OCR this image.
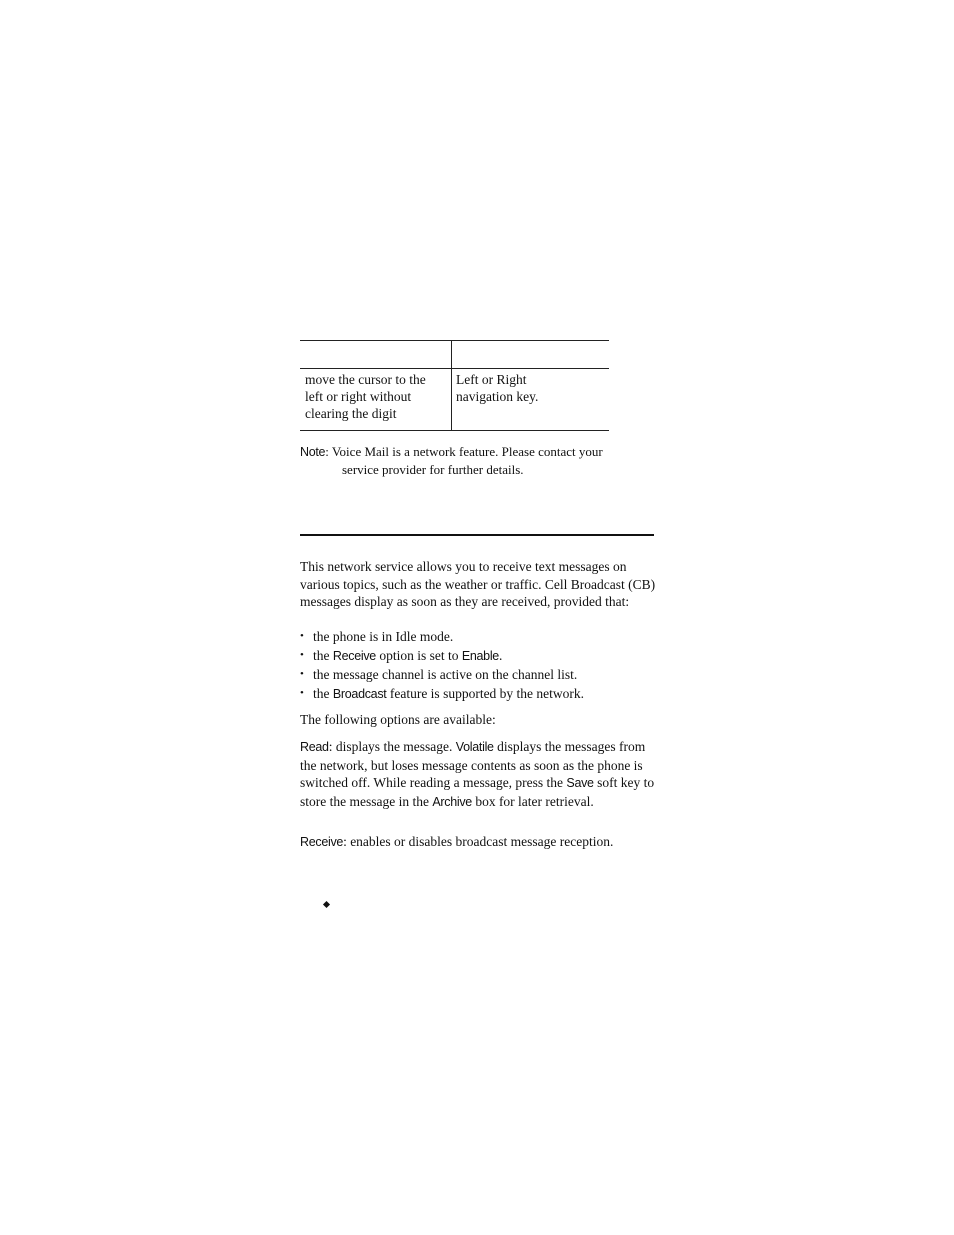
move the cursor to the
left or right without
clearing the digit
Left or Right
navigation key.
Note: Voice Mail is a network feature. Please contact your
service provider for further details.
This network service allows you to receive text messages on various topics, such as the weather or traffic. Cell Broadcast (CB) messages display as soon as they are received, provided that:
• the phone is in Idle mode.
• the Receive option is set to Enable.
• the message channel is active on the channel list.
• the Broadcast feature is supported by the network.
The following options are available:
Read: displays the message. Volatile displays the messages from the network, but loses message contents as soon as the phone is switched off. While reading a message, press the Save soft key to store the message in the Archive box for later retrieval.
Receive: enables or disables broadcast message reception.
